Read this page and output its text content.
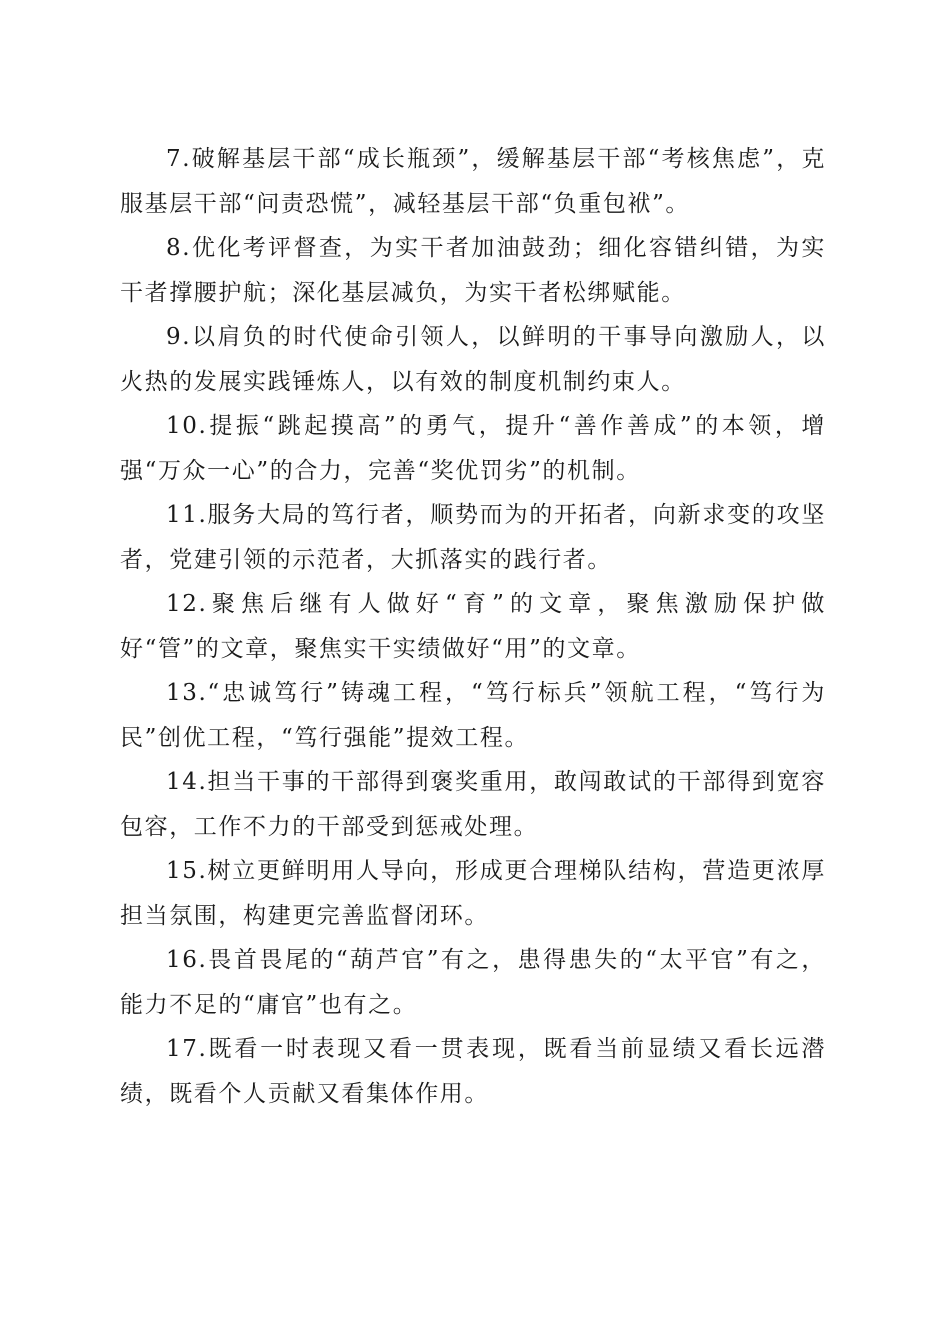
7.破解基层干部“成长瓶颈”，缓解基层干部“考核焦虑”，克服基层干部“问责恐慌”，减轻基层干部“负重包袱”。

8.优化考评督查，为实干者加油鼓劲；细化容错纠错，为实干者撑腰护航；深化基层减负，为实干者松绑赋能。

9.以肩负的时代使命引领人，以鲜明的干事导向激励人，以火热的发展实践锤炼人，以有效的制度机制约束人。

10.提振“跳起摸高”的勇气，提升“善作善成”的本领，增强“万众一心”的合力，完善“奖优罚劣”的机制。

11.服务大局的笃行者，顺势而为的开拓者，向新求变的攻坚者，党建引领的示范者，大抓落实的践行者。

12.聚焦后继有人做好“育”的文章，聚焦激励保护做好“管”的文章，聚焦实干实绩做好“用”的文章。

13.“忠诚笃行”铸魂工程，“笃行标兵”领航工程，“笃行为民”创优工程，“笃行强能”提效工程。

14.担当干事的干部得到褒奖重用，敢闯敢试的干部得到宽容包容，工作不力的干部受到惩戒处理。

15.树立更鲜明用人导向，形成更合理梯队结构，营造更浓厚担当氛围，构建更完善监督闭环。

16.畏首畏尾的“葫芦官”有之，患得患失的“太平官”有之，能力不足的“庸官”也有之。

17.既看一时表现又看一贯表现，既看当前显绩又看长远潜绩，既看个人贡献又看集体作用。
